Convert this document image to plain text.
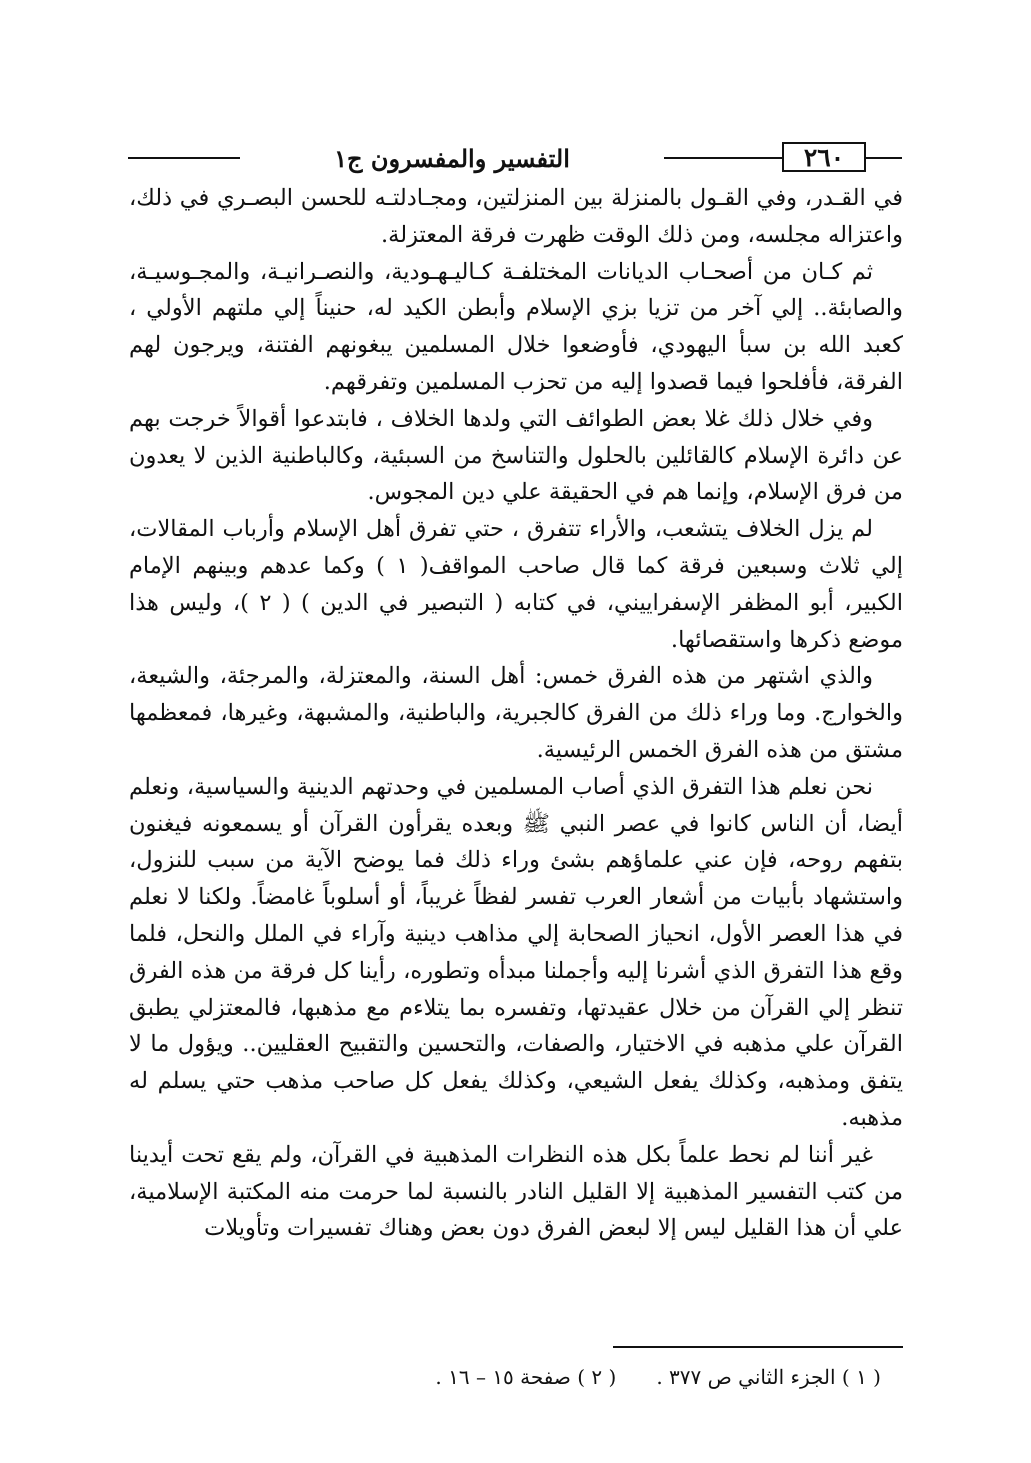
٢٦٠
التفسير والمفسرون ج١

في القـدر، وفي القـول بالمنزلة بين المنزلتين، ومجـادلتـه للحسن البصـري في ذلك، واعتزاله مجلسه، ومن ذلك الوقت ظهرت فرقة المعتزلة.

ثم كـان من أصحـاب الديانات المختلفـة كـاليـهـودية، والنصـرانيـة، والمجـوسيـة، والصابئة.. إلي آخر من تزيا بزي الإسلام وأبطن الكيد له، حنيناً إلي ملتهم الأولي ، كعبد الله بن سبأ اليهودي، فأوضعوا خلال المسلمين يبغونهم الفتنة، ويرجون لهم الفرقة، فأفلحوا فيما قصدوا إليه من تحزب المسلمين وتفرقهم.

وفي خلال ذلك غلا بعض الطوائف التي ولدها الخلاف ، فابتدعوا أقوالاً خرجت بهم عن دائرة الإسلام كالقائلين بالحلول والتناسخ من السبئية، وكالباطنية الذين لا يعدون من فرق الإسلام، وإنما هم في الحقيقة علي دين المجوس.

لم يزل الخلاف يتشعب، والأراء تتفرق ، حتي تفرق أهل الإسلام وأرباب المقالات، إلي ثلاث وسبعين فرقة كما قال صاحب المواقف( ١ ) وكما عدهم وبينهم الإمام الكبير، أبو المظفر الإسفراييني، في كتابه ( التبصير في الدين ) ( ٢ )، وليس هذا موضع ذكرها واستقصائها.

والذي اشتهر من هذه الفرق خمس: أهل السنة، والمعتزلة، والمرجئة، والشيعة، والخوارج. وما وراء ذلك من الفرق كالجبرية، والباطنية، والمشبهة، وغيرها، فمعظمها مشتق من هذه الفرق الخمس الرئيسية.

نحن نعلم هذا التفرق الذي أصاب المسلمين في وحدتهم الدينية والسياسية، ونعلم أيضا، أن الناس كانوا في عصر النبي ﷺ وبعده يقرأون القرآن أو يسمعونه فيغنون بتفهم روحه، فإن عني علماؤهم بشئ وراء ذلك فما يوضح الآية من سبب للنزول، واستشهاد بأبيات من أشعار العرب تفسر لفظاً غريباً، أو أسلوباً غامضاً. ولكنا لا نعلم في هذا العصر الأول، انحياز الصحابة إلي مذاهب دينية وآراء في الملل والنحل، فلما وقع هذا التفرق الذي أشرنا إليه وأجملنا مبدأه وتطوره، رأينا كل فرقة من هذه الفرق تنظر إلي القرآن من خلال عقيدتها، وتفسره بما يتلاءم مع مذهبها، فالمعتزلي يطبق القرآن علي مذهبه في الاختيار، والصفات، والتحسين والتقبيح العقليين.. ويؤول ما لا يتفق ومذهبه، وكذلك يفعل الشيعي، وكذلك يفعل كل صاحب مذهب حتي يسلم له مذهبه.

غير أننا لم نحط علماً بكل هذه النظرات المذهبية في القرآن، ولم يقع تحت أيدينا من كتب التفسير المذهبية إلا القليل النادر بالنسبة لما حرمت منه المكتبة الإسلامية، علي أن هذا القليل ليس إلا لبعض الفرق دون بعض وهناك تفسيرات وتأويلات

( ١ ) الجزء الثاني ص ٣٧٧ .
( ٢ ) صفحة ١٥ – ١٦ .
